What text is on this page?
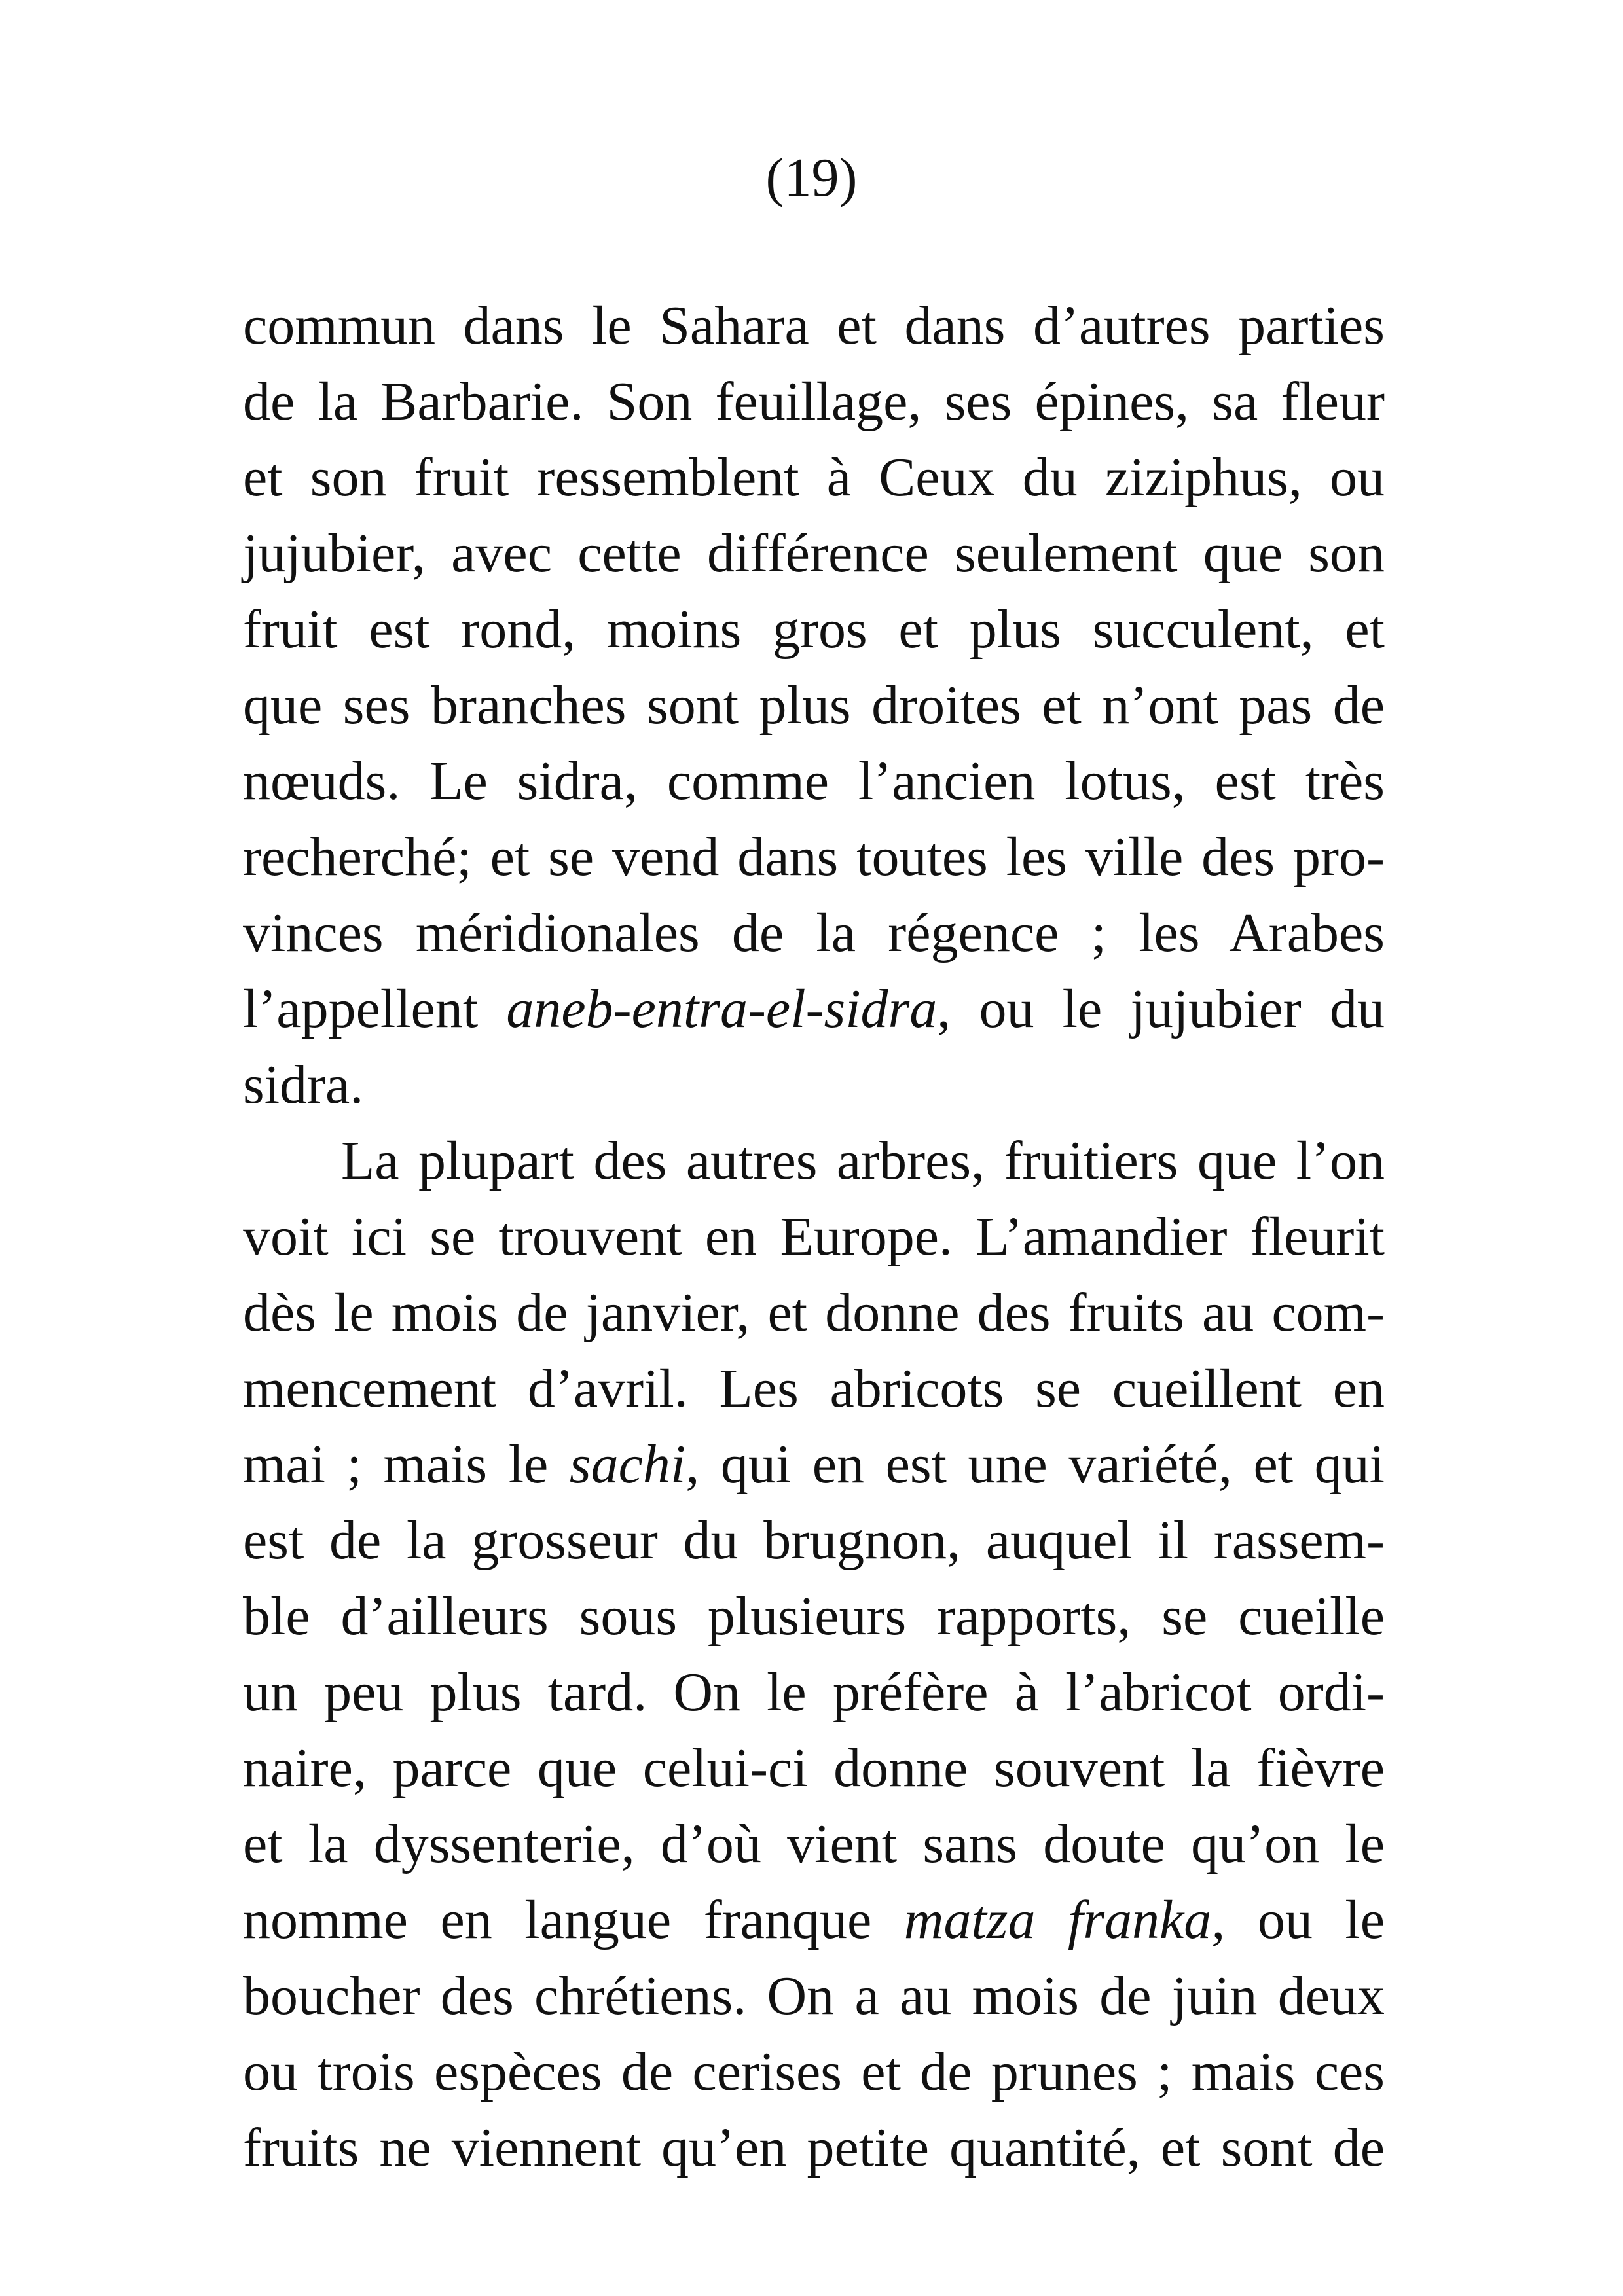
(19)
commun dans le Sahara et dans d’autres parties
de la Barbarie. Son feuillage, ses épines, sa fleur
et son fruit ressemblent à Ceux du ziziphus, ou
jujubier, avec cette différence seulement que son
fruit est rond, moins gros et plus succulent, et
que ses branches sont plus droites et n’ont pas de
nœuds. Le sidra, comme l’ancien lotus, est très
recherché; et se vend dans toutes les ville des pro-
vinces méridionales de la régence ; les Arabes
l’appellent aneb-entra-el-sidra, ou le jujubier du
sidra.
La plupart des autres arbres, fruitiers que l’on
voit ici se trouvent en Europe. L’amandier fleurit
dès le mois de janvier, et donne des fruits au com-
mencement d’avril. Les abricots se cueillent en
mai ; mais le sachi, qui en est une variété, et qui
est de la grosseur du brugnon, auquel il rassem-
ble d’ailleurs sous plusieurs rapports, se cueille
un peu plus tard. On le préfère à l’abricot ordi-
naire, parce que celui-ci donne souvent la fièvre
et la dyssenterie, d’où vient sans doute qu’on le
nomme en langue franque matza franka, ou le
boucher des chrétiens. On a au mois de juin deux
ou trois espèces de cerises et de prunes ; mais ces
fruits ne viennent qu’en petite quantité, et sont de
